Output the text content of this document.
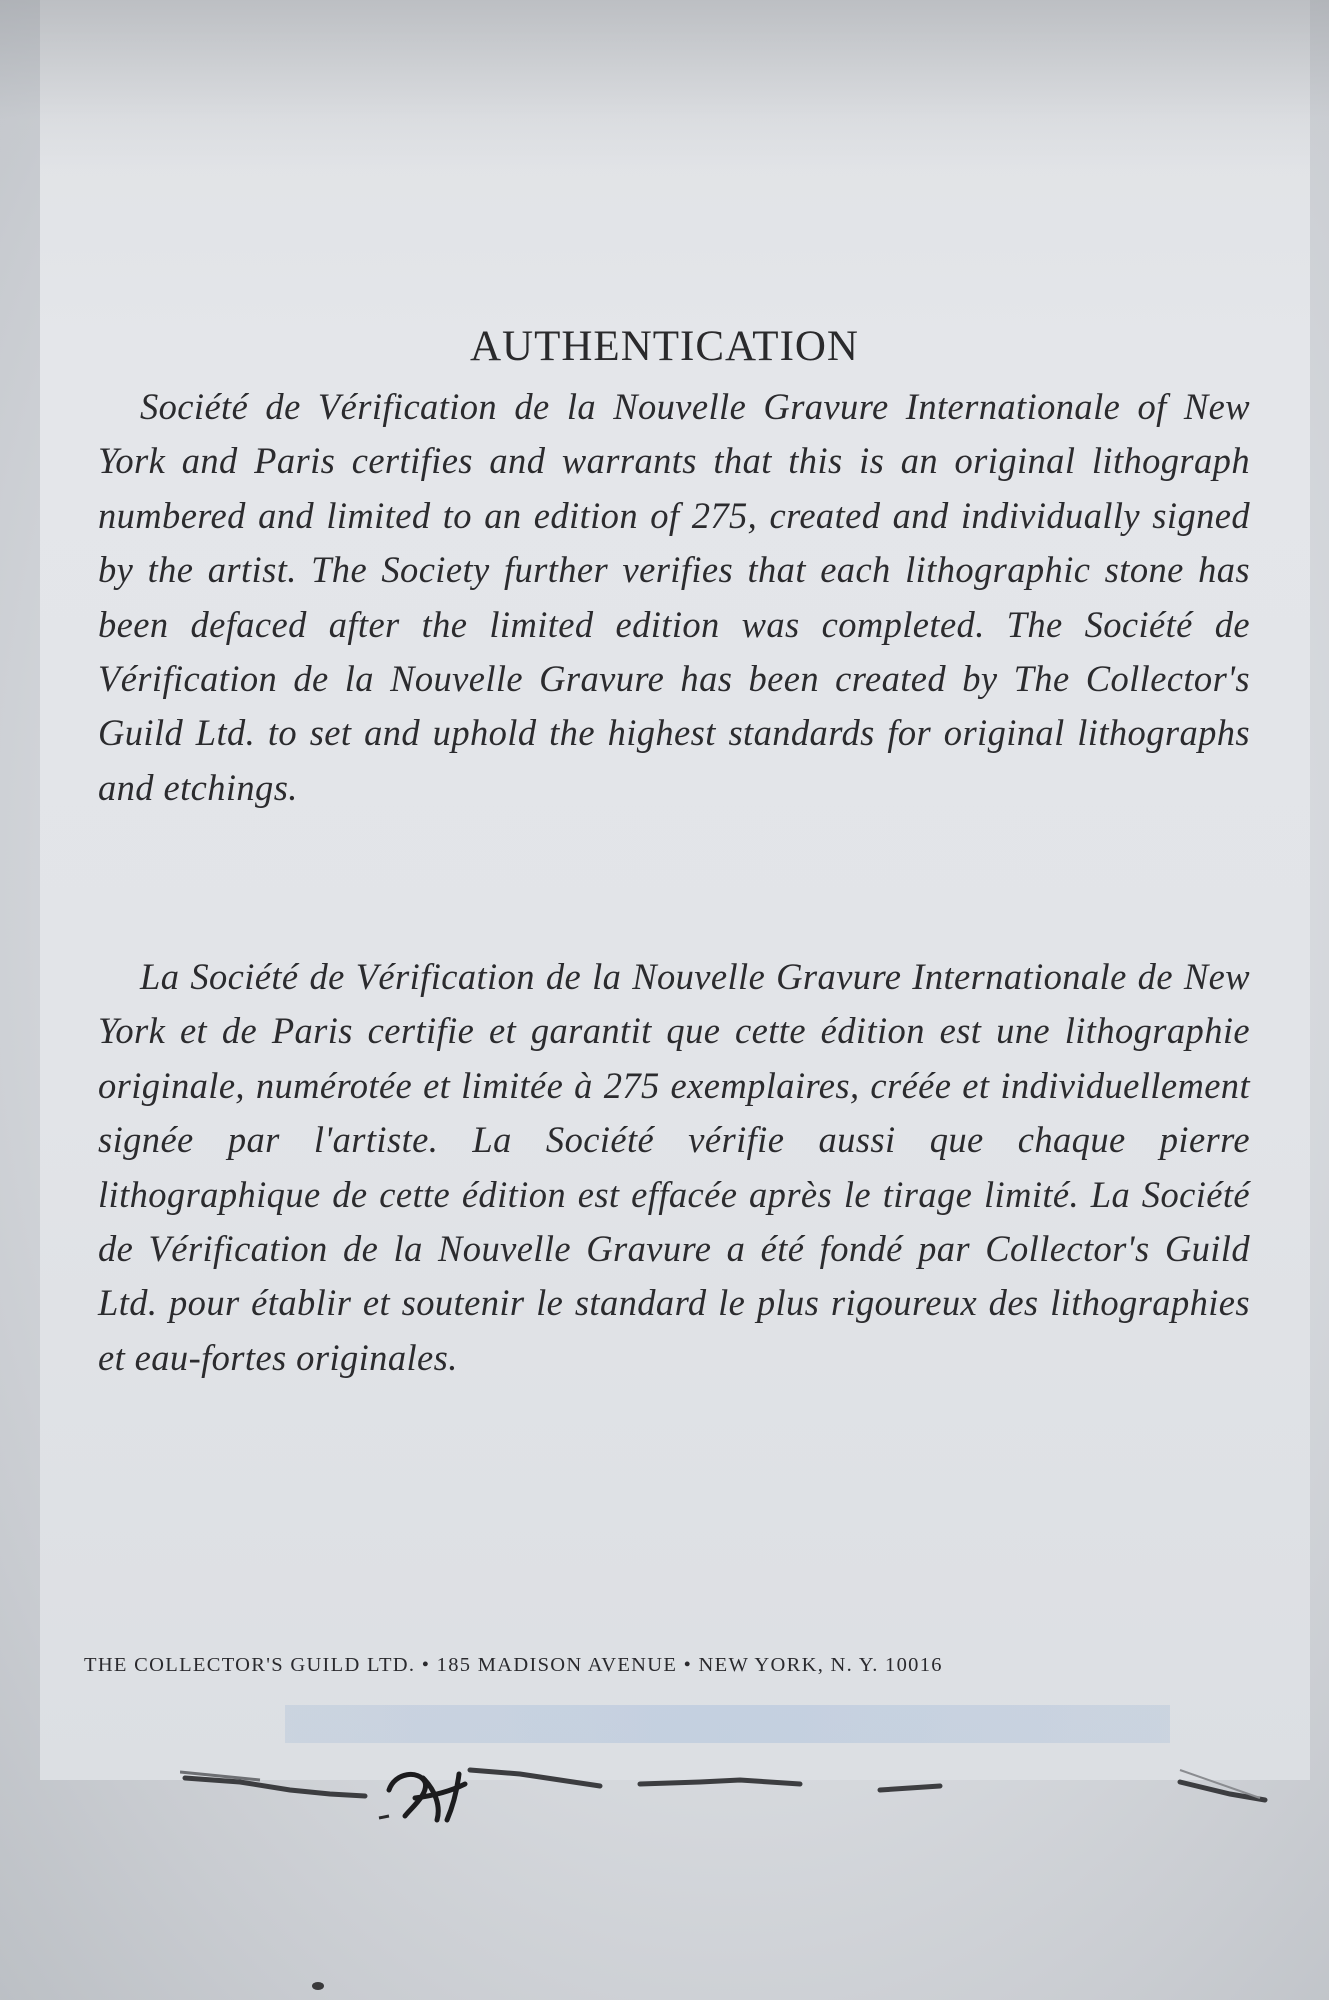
AUTHENTICATION

Société de Vérification de la Nouvelle Gravure Internationale of New York and Paris certifies and warrants that this is an original lithograph numbered and limited to an edition of 275, created and individually signed by the artist. The Society further verifies that each lithographic stone has been defaced after the limited edition was completed. The Société de Vérification de la Nouvelle Gravure has been created by The Collector's Guild Ltd. to set and uphold the highest standards for original lithographs and etchings.

La Société de Vérification de la Nouvelle Gravure Internationale de New York et de Paris certifie et garantit que cette édition est une lithographie originale, numérotée et limitée à 275 exemplaires, créée et individuellement signée par l'artiste. La Société vérifie aussi que chaque pierre lithographique de cette édition est effacée après le tirage limité. La Société de Vérification de la Nouvelle Gravure a été fondé par Collector's Guild Ltd. pour établir et soutenir le standard le plus rigoureux des lithographies et eau-fortes originales.

THE COLLECTOR'S GUILD LTD. • 185 MADISON AVENUE • NEW YORK, N. Y. 10016
